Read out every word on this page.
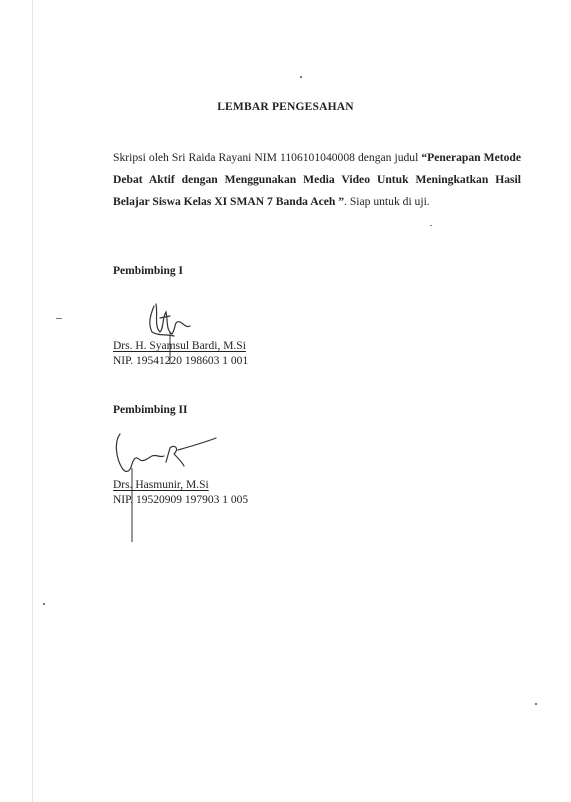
LEMBAR PENGESAHAN

Skripsi oleh Sri Raida Rayani NIM 1106101040008 dengan judul “Penerapan Metode Debat Aktif dengan Menggunakan Media Video Untuk Meningkatkan Hasil Belajar Siswa Kelas XI SMAN 7 Banda Aceh ”. Siap untuk di uji.

Pembimbing I
Drs. H. Syamsul Bardi, M.Si
NIP. 19541220 198603 1 001
Pembimbing II
Drs. Hasmunir, M.Si
NIP. 19520909 197903 1 005
